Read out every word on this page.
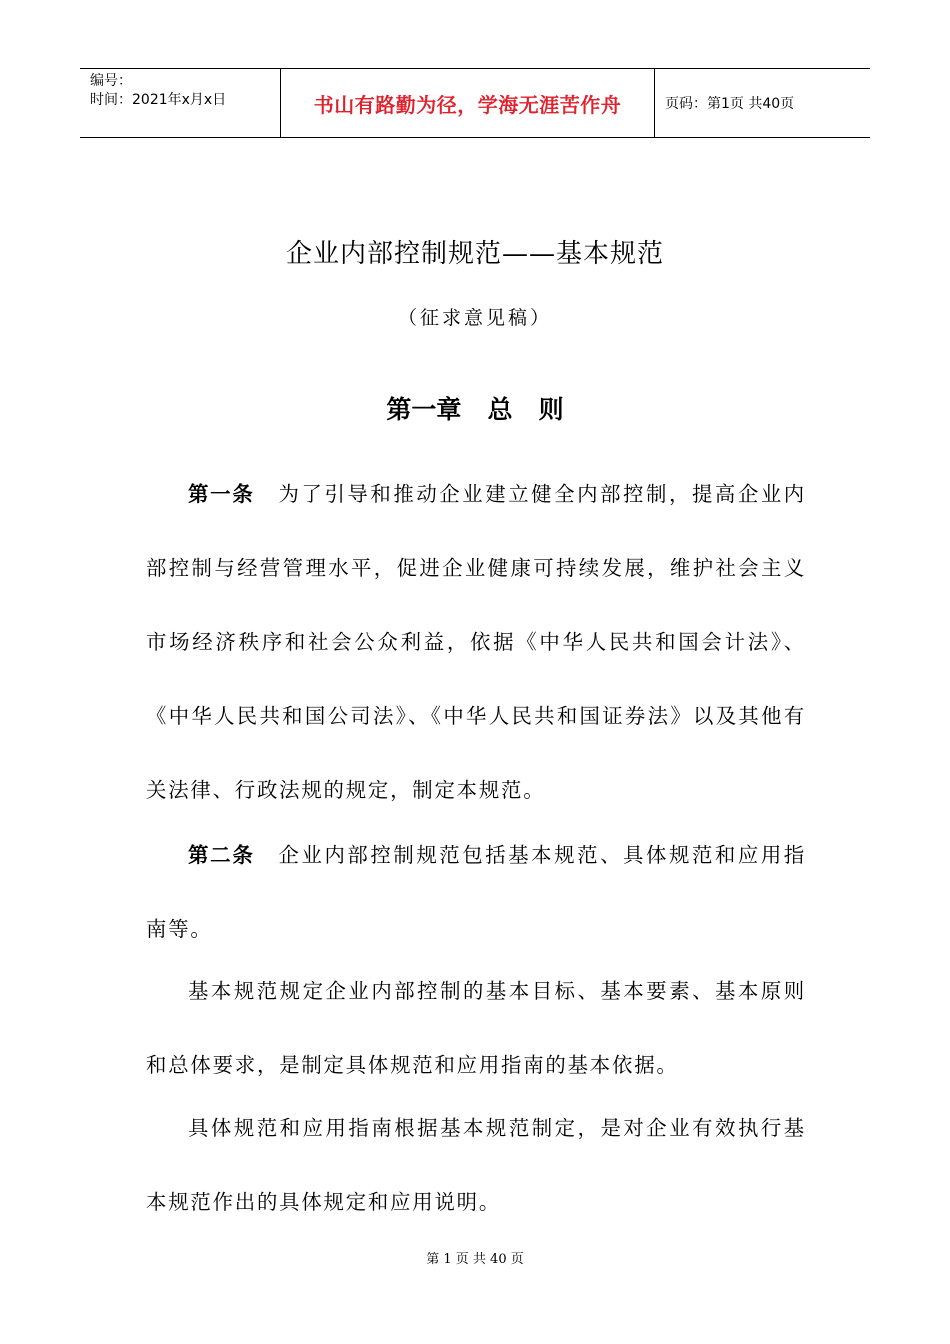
编号：
时间：2021年x月x日	书山有路勤为径，学海无涯苦作舟	页码：第1页 共40页
企业内部控制规范——基本规范
（征求意见稿）
第一章   总   则

第一条 为了引导和推动企业建立健全内部控制，提高企业内部控制与经营管理水平，促进企业健康可持续发展，维护社会主义市场经济秩序和社会公众利益，依据《中华人民共和国会计法》、《中华人民共和国公司法》、《中华人民共和国证券法》以及其他有关法律、行政法规的规定，制定本规范。

第二条 企业内部控制规范包括基本规范、具体规范和应用指南等。

基本规范规定企业内部控制的基本目标、基本要素、基本原则和总体要求，是制定具体规范和应用指南的基本依据。

具体规范和应用指南根据基本规范制定，是对企业有效执行基本规范作出的具体规定和应用说明。

第 1 页 共 40 页
